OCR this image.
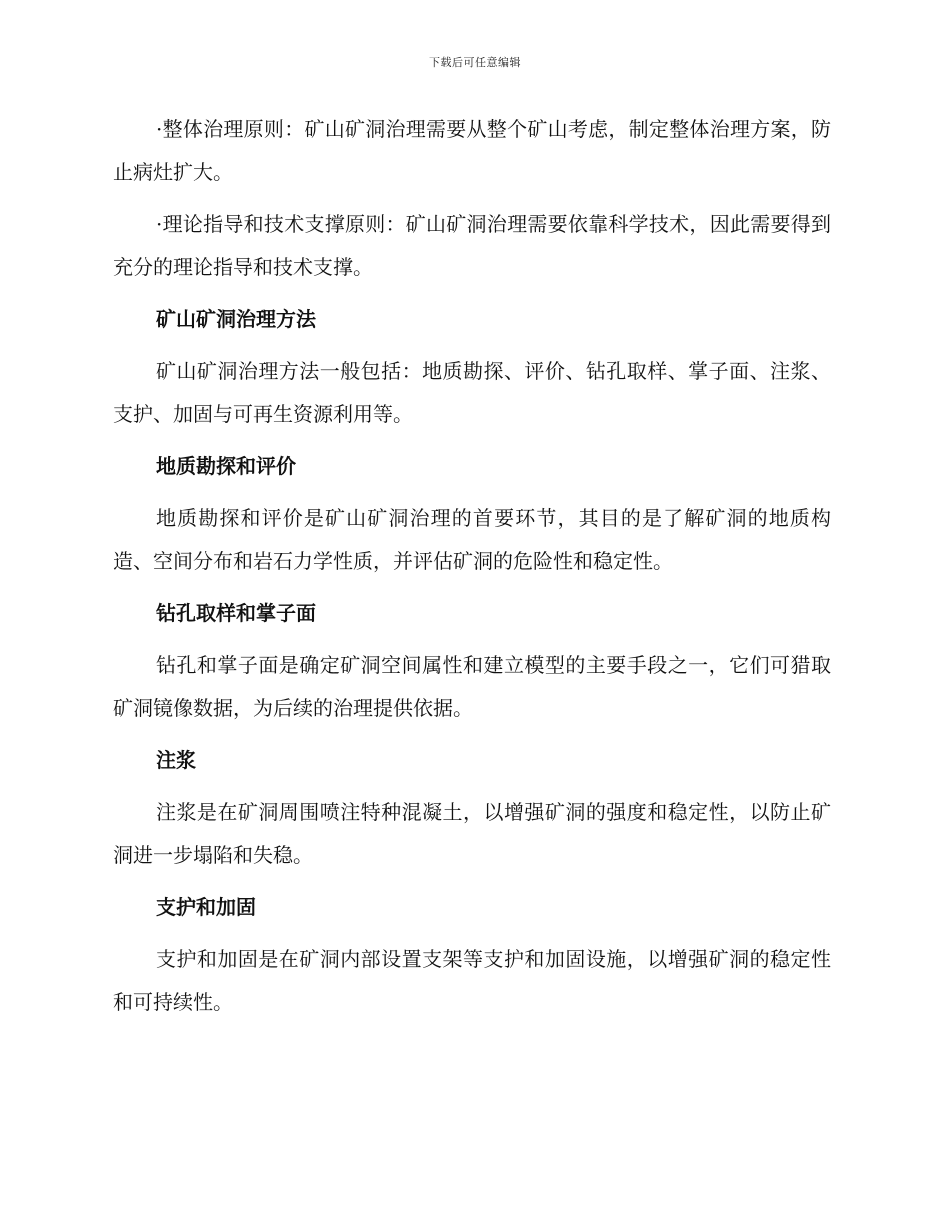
下载后可任意编辑

·整体治理原则：矿山矿洞治理需要从整个矿山考虑，制定整体治理方案，防止病灶扩大。

·理论指导和技术支撑原则：矿山矿洞治理需要依靠科学技术，因此需要得到充分的理论指导和技术支撑。

矿山矿洞治理方法

矿山矿洞治理方法一般包括：地质勘探、评价、钻孔取样、掌子面、注浆、支护、加固与可再生资源利用等。

地质勘探和评价

地质勘探和评价是矿山矿洞治理的首要环节，其目的是了解矿洞的地质构造、空间分布和岩石力学性质，并评估矿洞的危险性和稳定性。

钻孔取样和掌子面

钻孔和掌子面是确定矿洞空间属性和建立模型的主要手段之一，它们可猎取矿洞镜像数据，为后续的治理提供依据。

注浆

注浆是在矿洞周围喷注特种混凝土，以增强矿洞的强度和稳定性，以防止矿洞进一步塌陷和失稳。

支护和加固

支护和加固是在矿洞内部设置支架等支护和加固设施，以增强矿洞的稳定性和可持续性。
